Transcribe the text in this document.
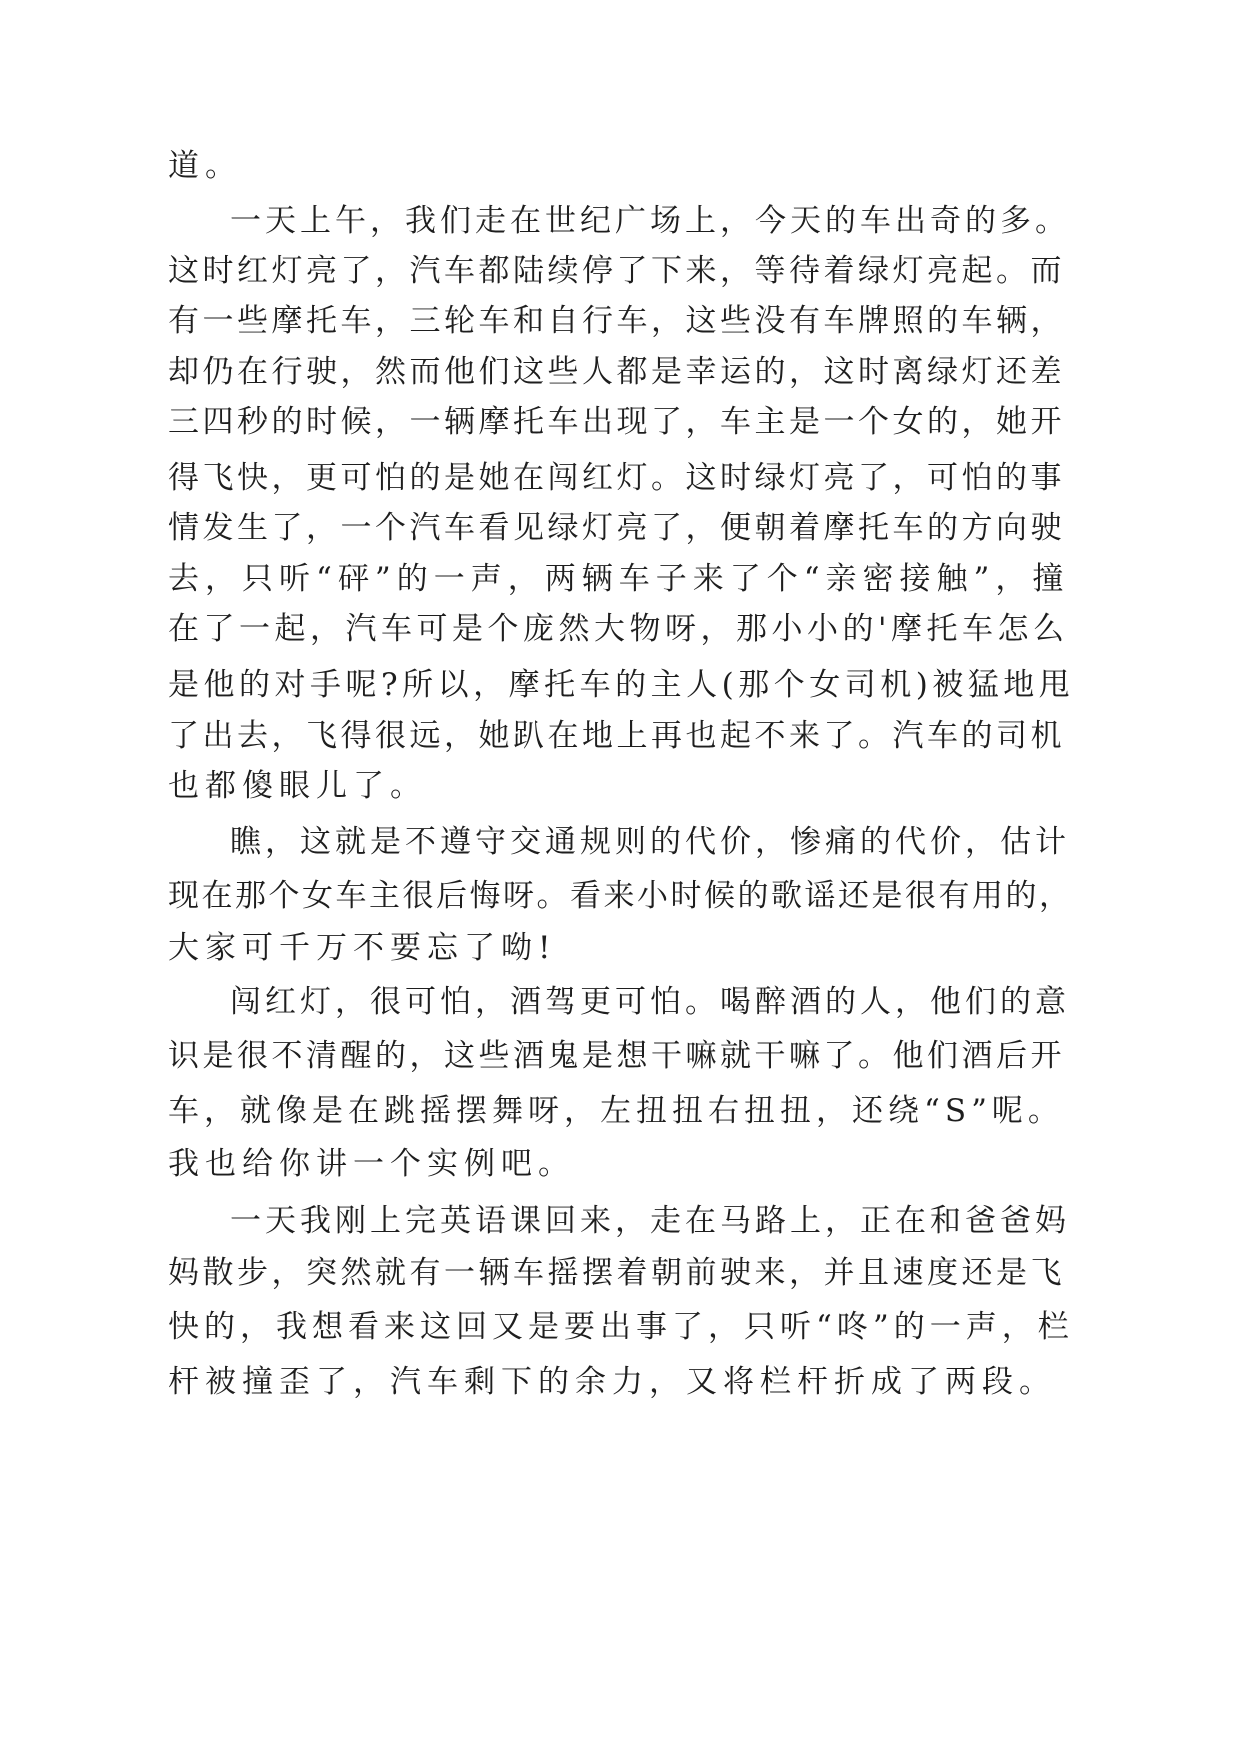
道。
一天上午，我们走在世纪广场上，今天的车出奇的多。
这时红灯亮了，汽车都陆续停了下来，等待着绿灯亮起。而
有一些摩托车，三轮车和自行车，这些没有车牌照的车辆，
却仍在行驶，然而他们这些人都是幸运的，这时离绿灯还差
三四秒的时候，一辆摩托车出现了，车主是一个女的，她开
得飞快，更可怕的是她在闯红灯。这时绿灯亮了，可怕的事
情发生了，一个汽车看见绿灯亮了，便朝着摩托车的方向驶
去，只听“砰”的一声，两辆车子来了个“亲密接触”，撞
在了一起，汽车可是个庞然大物呀，那小小的'摩托车怎么
是他的对手呢?所以，摩托车的主人(那个女司机)被猛地甩
了出去，飞得很远，她趴在地上再也起不来了。汽车的司机
也都傻眼儿了。
瞧，这就是不遵守交通规则的代价，惨痛的代价，估计
现在那个女车主很后悔呀。看来小时候的歌谣还是很有用的，
大家可千万不要忘了呦!
闯红灯，很可怕，酒驾更可怕。喝醉酒的人，他们的意
识是很不清醒的，这些酒鬼是想干嘛就干嘛了。他们酒后开
车，就像是在跳摇摆舞呀，左扭扭右扭扭，还绕“S”呢。
我也给你讲一个实例吧。
一天我刚上完英语课回来，走在马路上，正在和爸爸妈
妈散步，突然就有一辆车摇摆着朝前驶来，并且速度还是飞
快的，我想看来这回又是要出事了，只听“咚”的一声，栏
杆被撞歪了，汽车剩下的余力，又将栏杆折成了两段。
